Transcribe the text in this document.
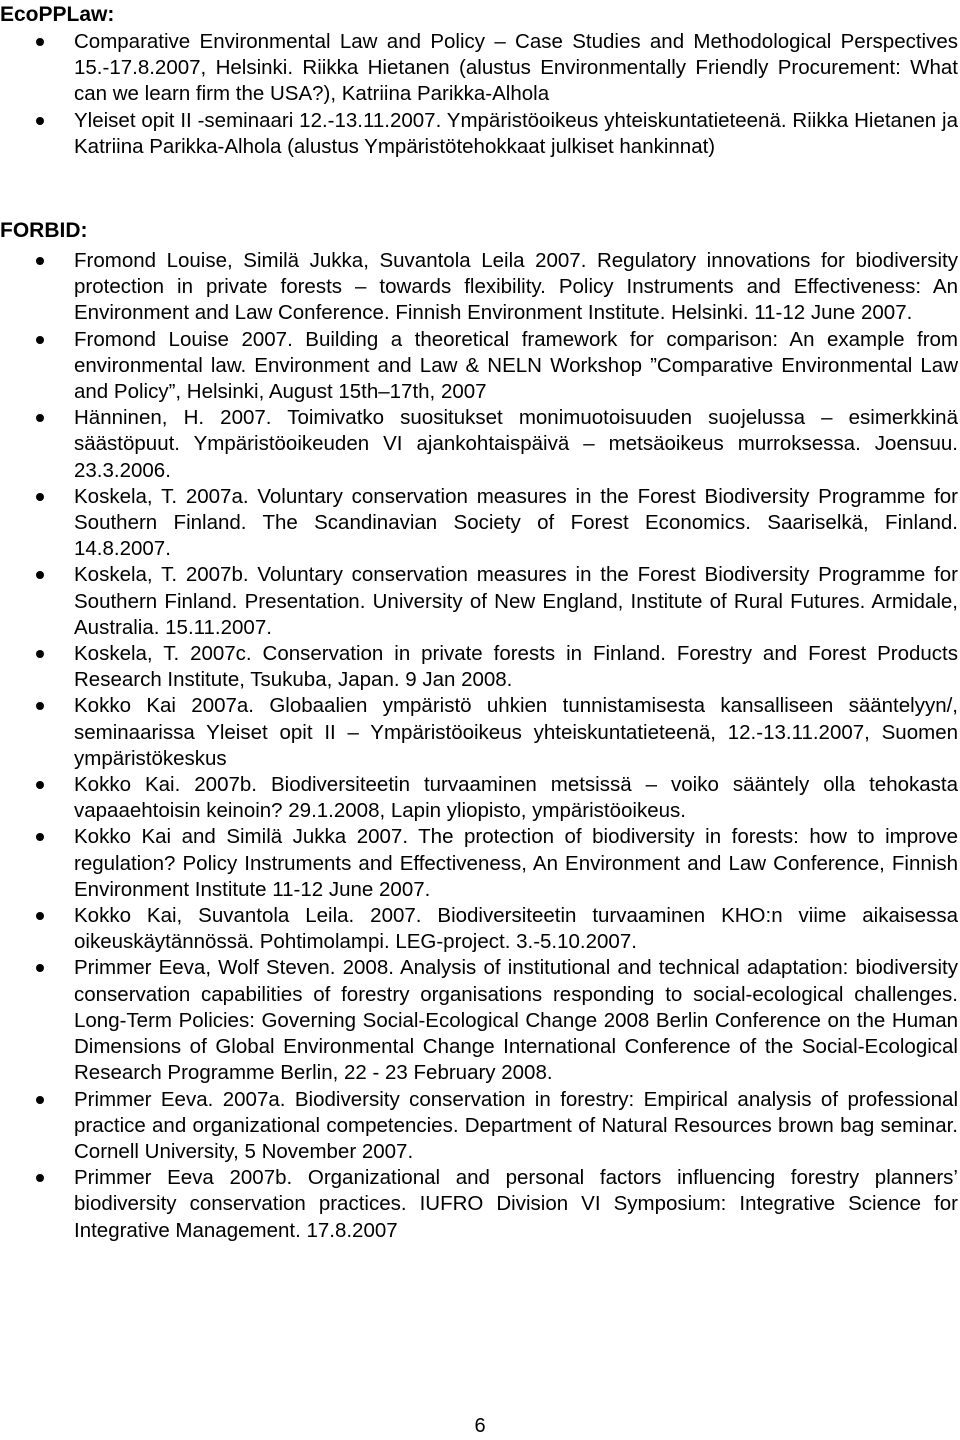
EcoPPLaw:
Comparative Environmental Law and Policy – Case Studies and Methodological Perspectives 15.-17.8.2007, Helsinki. Riikka Hietanen (alustus Environmentally Friendly Procurement: What can we learn firm the USA?), Katriina Parikka-Alhola
Yleiset opit II -seminaari 12.-13.11.2007. Ympäristöoikeus yhteiskuntatieteenä. Riikka Hietanen ja Katriina Parikka-Alhola (alustus Ympäristötehokkaat julkiset hankinnat)
FORBID:
Fromond Louise, Similä Jukka, Suvantola Leila 2007. Regulatory innovations for biodiversity protection in private forests – towards flexibility. Policy Instruments and Effectiveness: An Environment and Law Conference. Finnish Environment Institute. Helsinki. 11-12 June 2007.
Fromond Louise 2007. Building a theoretical framework for comparison: An example from environmental law. Environment and Law & NELN Workshop ”Comparative Environmental Law and Policy”, Helsinki, August 15th–17th, 2007
Hänninen, H. 2007. Toimivatko suositukset monimuotoisuuden suojelussa – esimerkkinä säästöpuut. Ympäristöoikeuden VI ajankohtaispäivä – metsäoikeus murroksessa. Joensuu. 23.3.2006.
Koskela, T. 2007a. Voluntary conservation measures in the Forest Biodiversity Programme for Southern Finland. The Scandinavian Society of Forest Economics. Saariselkä, Finland. 14.8.2007.
Koskela, T. 2007b. Voluntary conservation measures in the Forest Biodiversity Programme for Southern Finland. Presentation. University of New England, Institute of Rural Futures. Armidale, Australia. 15.11.2007.
Koskela, T. 2007c. Conservation in private forests in Finland. Forestry and Forest Products Research Institute, Tsukuba, Japan. 9 Jan 2008.
Kokko Kai 2007a. Globaalien ympäristö uhkien tunnistamisesta kansalliseen sääntelyyn/, seminaarissa Yleiset opit II – Ympäristöoikeus yhteiskuntatieteenä, 12.-13.11.2007, Suomen ympäristökeskus
Kokko Kai. 2007b. Biodiversiteetin turvaaminen metsissä – voiko sääntely olla tehokasta vapaaehtoisin keinoin? 29.1.2008, Lapin yliopisto, ympäristöoikeus.
Kokko Kai and Similä Jukka 2007. The protection of biodiversity in forests: how to improve regulation? Policy Instruments and Effectiveness, An Environment and Law Conference, Finnish Environment Institute 11-12 June 2007.
Kokko Kai, Suvantola Leila. 2007. Biodiversiteetin turvaaminen KHO:n viime aikaisessa oikeuskäytännössä. Pohtimolampi. LEG-project. 3.-5.10.2007.
Primmer Eeva, Wolf Steven. 2008. Analysis of institutional and technical adaptation: biodiversity conservation capabilities of forestry organisations responding to social-ecological challenges. Long-Term Policies: Governing Social-Ecological Change 2008 Berlin Conference on the Human Dimensions of Global Environmental Change International Conference of the Social-Ecological Research Programme Berlin, 22 - 23 February 2008.
Primmer Eeva. 2007a. Biodiversity conservation in forestry: Empirical analysis of professional practice and organizational competencies. Department of Natural Resources brown bag seminar. Cornell University, 5 November 2007.
Primmer Eeva 2007b. Organizational and personal factors influencing forestry planners’ biodiversity conservation practices. IUFRO Division VI Symposium: Integrative Science for Integrative Management. 17.8.2007
6
